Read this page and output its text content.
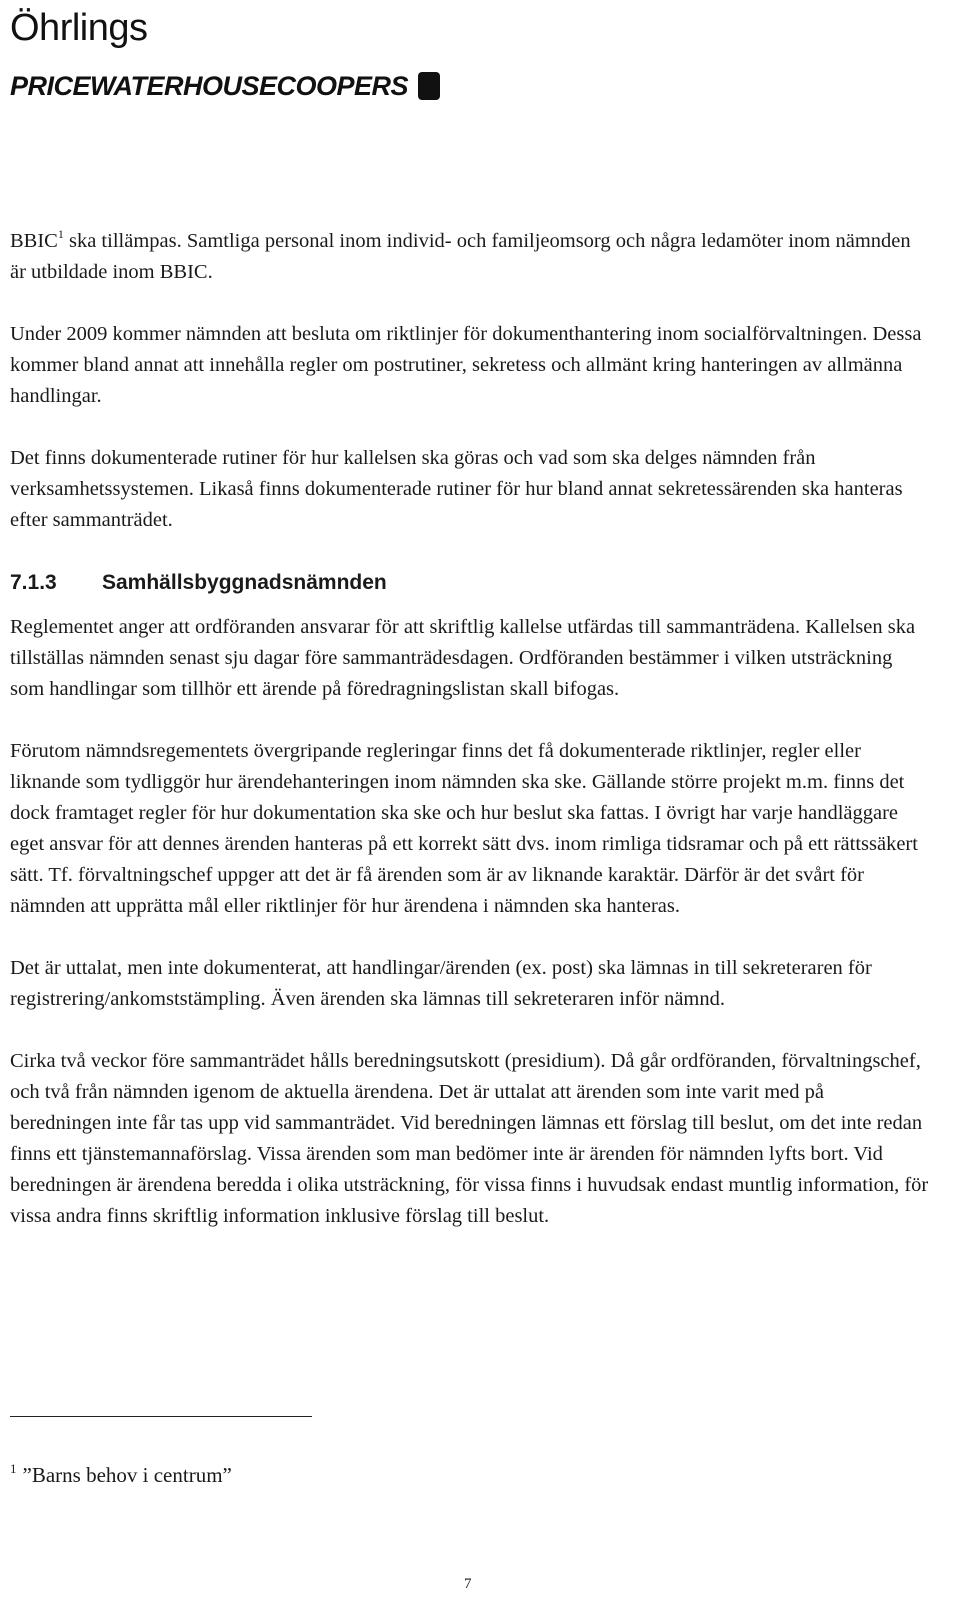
Öhrlings
PRICEWATERHOUSECOOPERS

BBIC$^1$ ska tillämpas. Samtliga personal inom individ- och familjeomsorg och några ledamöter inom nämnden är utbildade inom BBIC.

Under 2009 kommer nämnden att besluta om riktlinjer för dokumenthantering inom socialförvaltningen. Dessa kommer bland annat att innehålla regler om postrutiner, sekretess och allmänt kring hanteringen av allmänna handlingar.

Det finns dokumenterade rutiner för hur kallelsen ska göras och vad som ska delges nämnden från verksamhetssystemen. Likaså finns dokumenterade rutiner för hur bland annat sekretessärenden ska hanteras efter sammanträdet.

7.1.3 Samhällsbyggnadsnämnden

Reglementet anger att ordföranden ansvarar för att skriftlig kallelse utfärdas till sammanträdena. Kallelsen ska tillställas nämnden senast sju dagar före sammanträdesdagen. Ordföranden bestämmer i vilken utsträckning som handlingar som tillhör ett ärende på föredragningslistan skall bifogas.

Förutom nämndsregementets övergripande regleringar finns det få dokumenterade riktlinjer, regler eller liknande som tydliggör hur ärendehanteringen inom nämnden ska ske. Gällande större projekt m.m. finns det dock framtaget regler för hur dokumentation ska ske och hur beslut ska fattas. I övrigt har varje handläggare eget ansvar för att dennes ärenden hanteras på ett korrekt sätt dvs. inom rimliga tidsramar och på ett rättssäkert sätt. Tf. förvaltningschef uppger att det är få ärenden som är av liknande karaktär. Därför är det svårt för nämnden att upprätta mål eller riktlinjer för hur ärendena i nämnden ska hanteras.

Det är uttalat, men inte dokumenterat, att handlingar/ärenden (ex. post) ska lämnas in till sekreteraren för registrering/ankomststämpling. Även ärenden ska lämnas till sekreteraren inför nämnd.

Cirka två veckor före sammanträdet hålls beredningsutskott (presidium). Då går ordföranden, förvaltningschef, och två från nämnden igenom de aktuella ärendena. Det är uttalat att ärenden som inte varit med på beredningen inte får tas upp vid sammanträdet. Vid beredningen lämnas ett förslag till beslut, om det inte redan finns ett tjänstemannaförslag. Vissa ärenden som man bedömer inte är ärenden för nämnden lyfts bort. Vid beredningen är ärendena beredda i olika utsträckning, för vissa finns i huvudsak endast muntlig information, för vissa andra finns skriftlig information inklusive förslag till beslut.

$^1$ ”Barns behov i centrum”
7
